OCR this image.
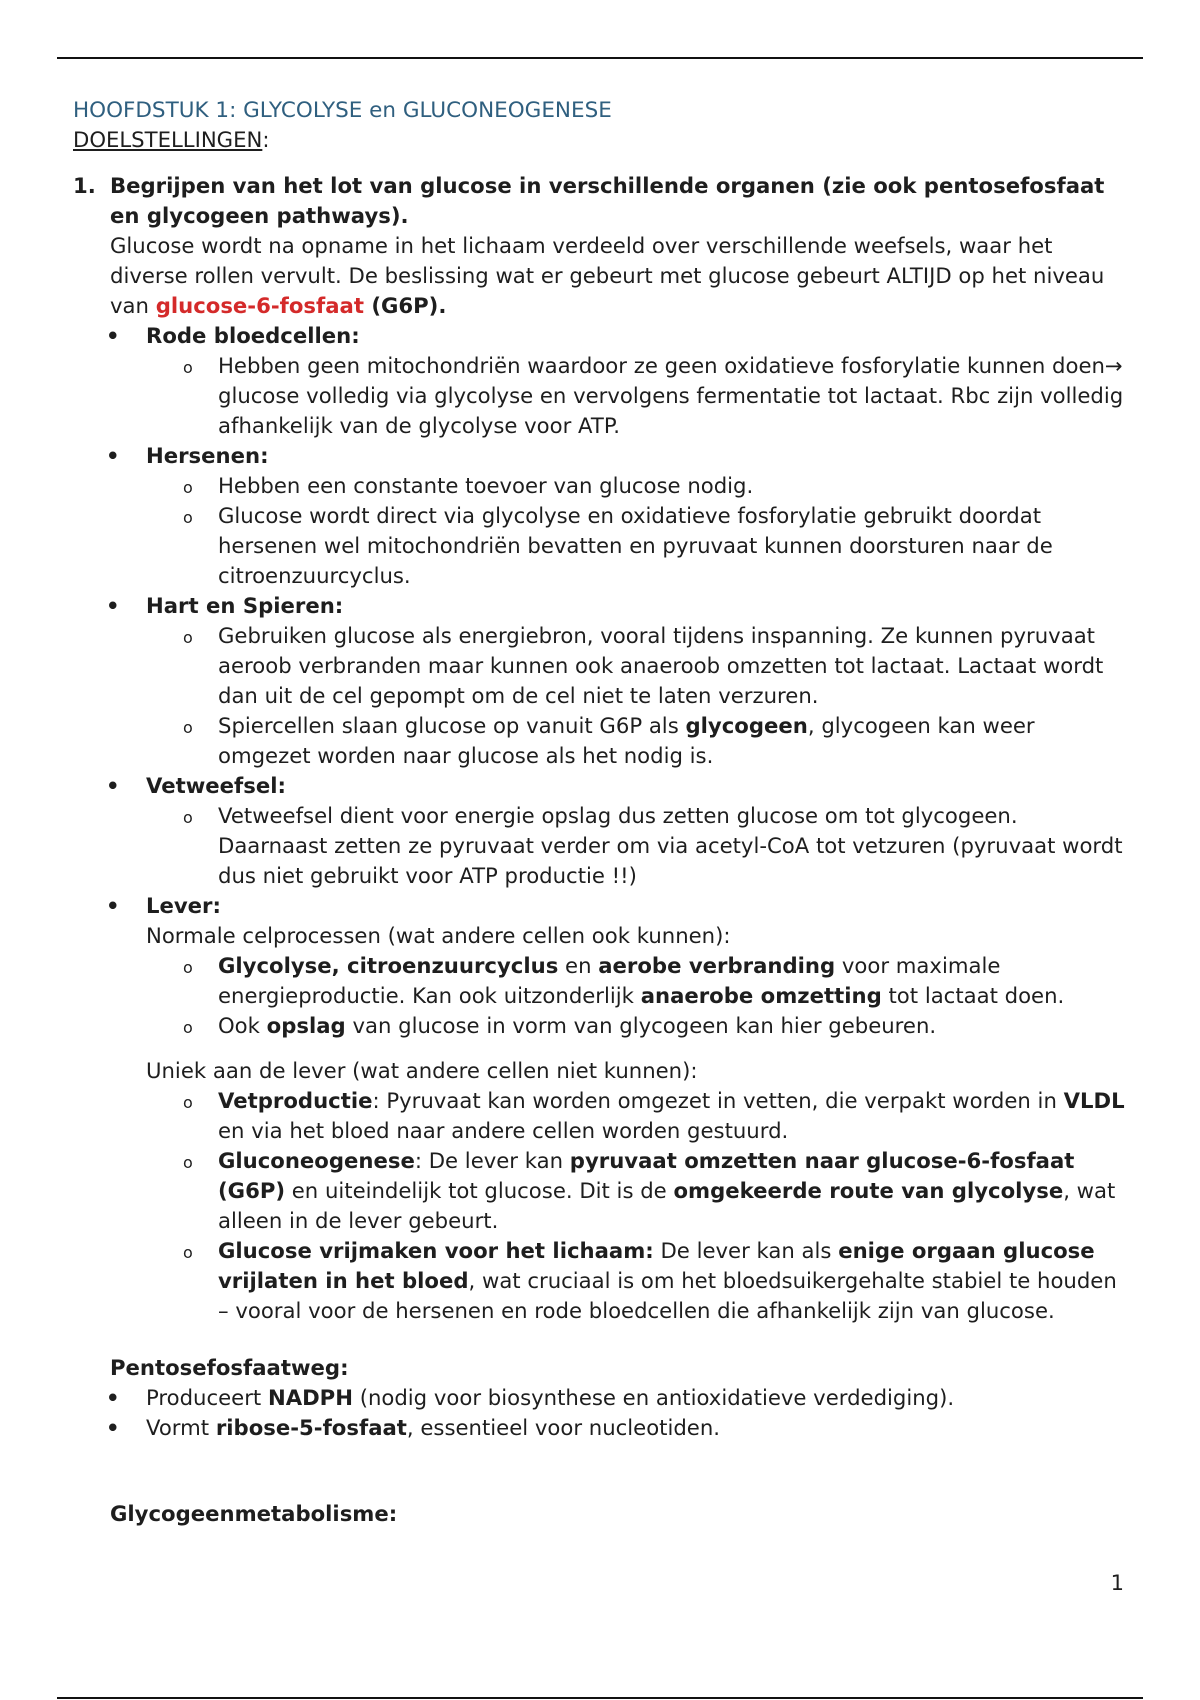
HOOFDSTUK 1: GLYCOLYSE en GLUCONEOGENESE
DOELSTELLINGEN:
1. Begrijpen van het lot van glucose in verschillende organen (zie ook pentosefosfaat en glycogeen pathways).
Glucose wordt na opname in het lichaam verdeeld over verschillende weefsels, waar het diverse rollen vervult. De beslissing wat er gebeurt met glucose gebeurt ALTIJD op het niveau van glucose-6-fosfaat (G6P).
• Rode bloedcellen:
o Hebben geen mitochondriën waardoor ze geen oxidatieve fosforylatie kunnen doen→ glucose volledig via glycolyse en vervolgens fermentatie tot lactaat. Rbc zijn volledig afhankelijk van de glycolyse voor ATP.
• Hersenen:
o Hebben een constante toevoer van glucose nodig.
o Glucose wordt direct via glycolyse en oxidatieve fosforylatie gebruikt doordat hersenen wel mitochondriën bevatten en pyruvaat kunnen doorsturen naar de citroenzuurcyclus.
• Hart en Spieren:
o Gebruiken glucose als energiebron, vooral tijdens inspanning. Ze kunnen pyruvaat aeroob verbranden maar kunnen ook anaeroob omzetten tot lactaat. Lactaat wordt dan uit de cel gepompt om de cel niet te laten verzuren.
o Spiercellen slaan glucose op vanuit G6P als glycogeen, glycogeen kan weer omgezet worden naar glucose als het nodig is.
• Vetweefsel:
o Vetweefsel dient voor energie opslag dus zetten glucose om tot glycogeen. Daarnaast zetten ze pyruvaat verder om via acetyl-CoA tot vetzuren (pyruvaat wordt dus niet gebruikt voor ATP productie !!)
• Lever:
Normale celprocessen (wat andere cellen ook kunnen):
o Glycolyse, citroenzuurcyclus en aerobe verbranding voor maximale energieproductie. Kan ook uitzonderlijk anaerobe omzetting tot lactaat doen.
o Ook opslag van glucose in vorm van glycogeen kan hier gebeuren.
Uniek aan de lever (wat andere cellen niet kunnen):
o Vetproductie: Pyruvaat kan worden omgezet in vetten, die verpakt worden in VLDL en via het bloed naar andere cellen worden gestuurd.
o Gluconeogenese: De lever kan pyruvaat omzetten naar glucose-6-fosfaat (G6P) en uiteindelijk tot glucose. Dit is de omgekeerde route van glycolyse, wat alleen in de lever gebeurt.
o Glucose vrijmaken voor het lichaam: De lever kan als enige orgaan glucose vrijlaten in het bloed, wat cruciaal is om het bloedsuikergehalte stabiel te houden – vooral voor de hersenen en rode bloedcellen die afhankelijk zijn van glucose.
Pentosefosfaatweg:
• Produceert NADPH (nodig voor biosynthese en antioxidatieve verdediging).
• Vormt ribose-5-fosfaat, essentieel voor nucleotiden.
Glycogeenmetabolisme:
1
